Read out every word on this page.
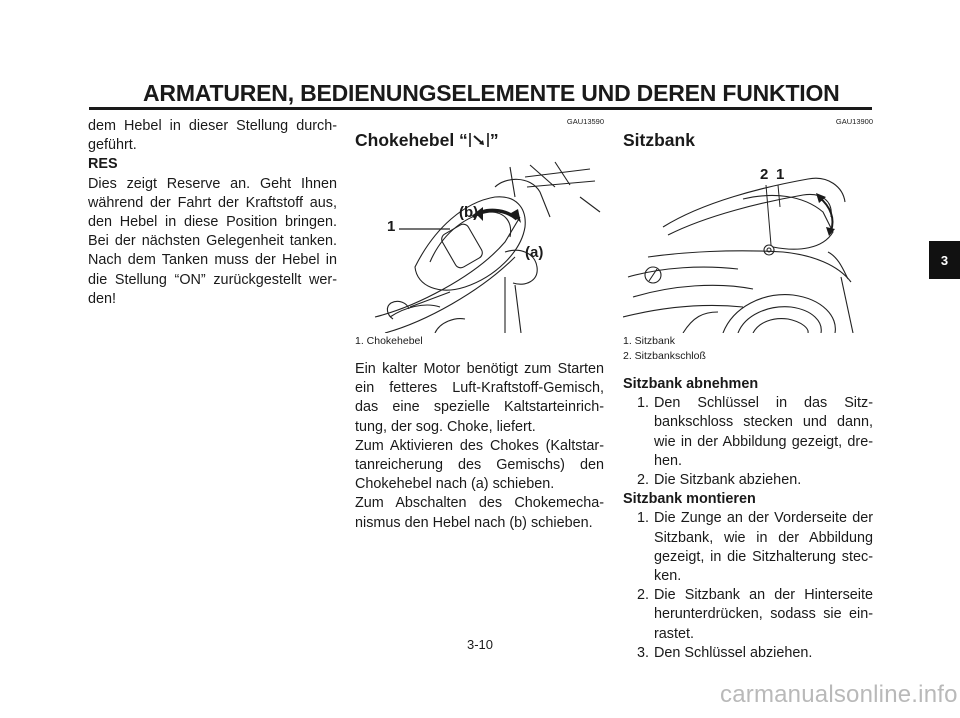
ARMATUREN, BEDIENUNGSELEMENTE UND DEREN FUNKTION

dem Hebel in dieser Stellung durch-geführt.

RES

Dies zeigt Reserve an. Geht Ihnen während der Fahrt der Kraftstoff aus, den Hebel in diese Position bringen. Bei der nächsten Gelegenheit tanken. Nach dem Tanken muss der Hebel in die Stellung “ON” zurückgestellt wer-den!

GAU13590

Chokehebel “ ”
1
(b)
(a)

1. Chokehebel

Ein kalter Motor benötigt zum Starten ein fetteres Luft-Kraftstoff-Gemisch, das eine spezielle Kaltstarteinrich-tung, der sog. Choke, liefert.

Zum Aktivieren des Chokes (Kaltstar-tanreicherung des Gemischs) den Chokehebel nach (a) schieben.

Zum Abschalten des Chokemecha-nismus den Hebel nach (b) schieben.

GAU13900

Sitzbank
2 1

1. Sitzbank

2. Sitzbankschloß

Sitzbank abnehmen

1. Den Schlüssel in das Sitz-bankschloss stecken und dann, wie in der Abbildung gezeigt, dre-hen.
2. Die Sitzbank abziehen.

Sitzbank montieren

1. Die Zunge an der Vorderseite der Sitzbank, wie in der Abbildung gezeigt, in die Sitzhalterung stec-ken.
2. Die Sitzbank an der Hinterseite herunterdrücken, sodass sie ein-rastet.
3. Den Schlüssel abziehen.
3
3-10
carmanualsonline.info
